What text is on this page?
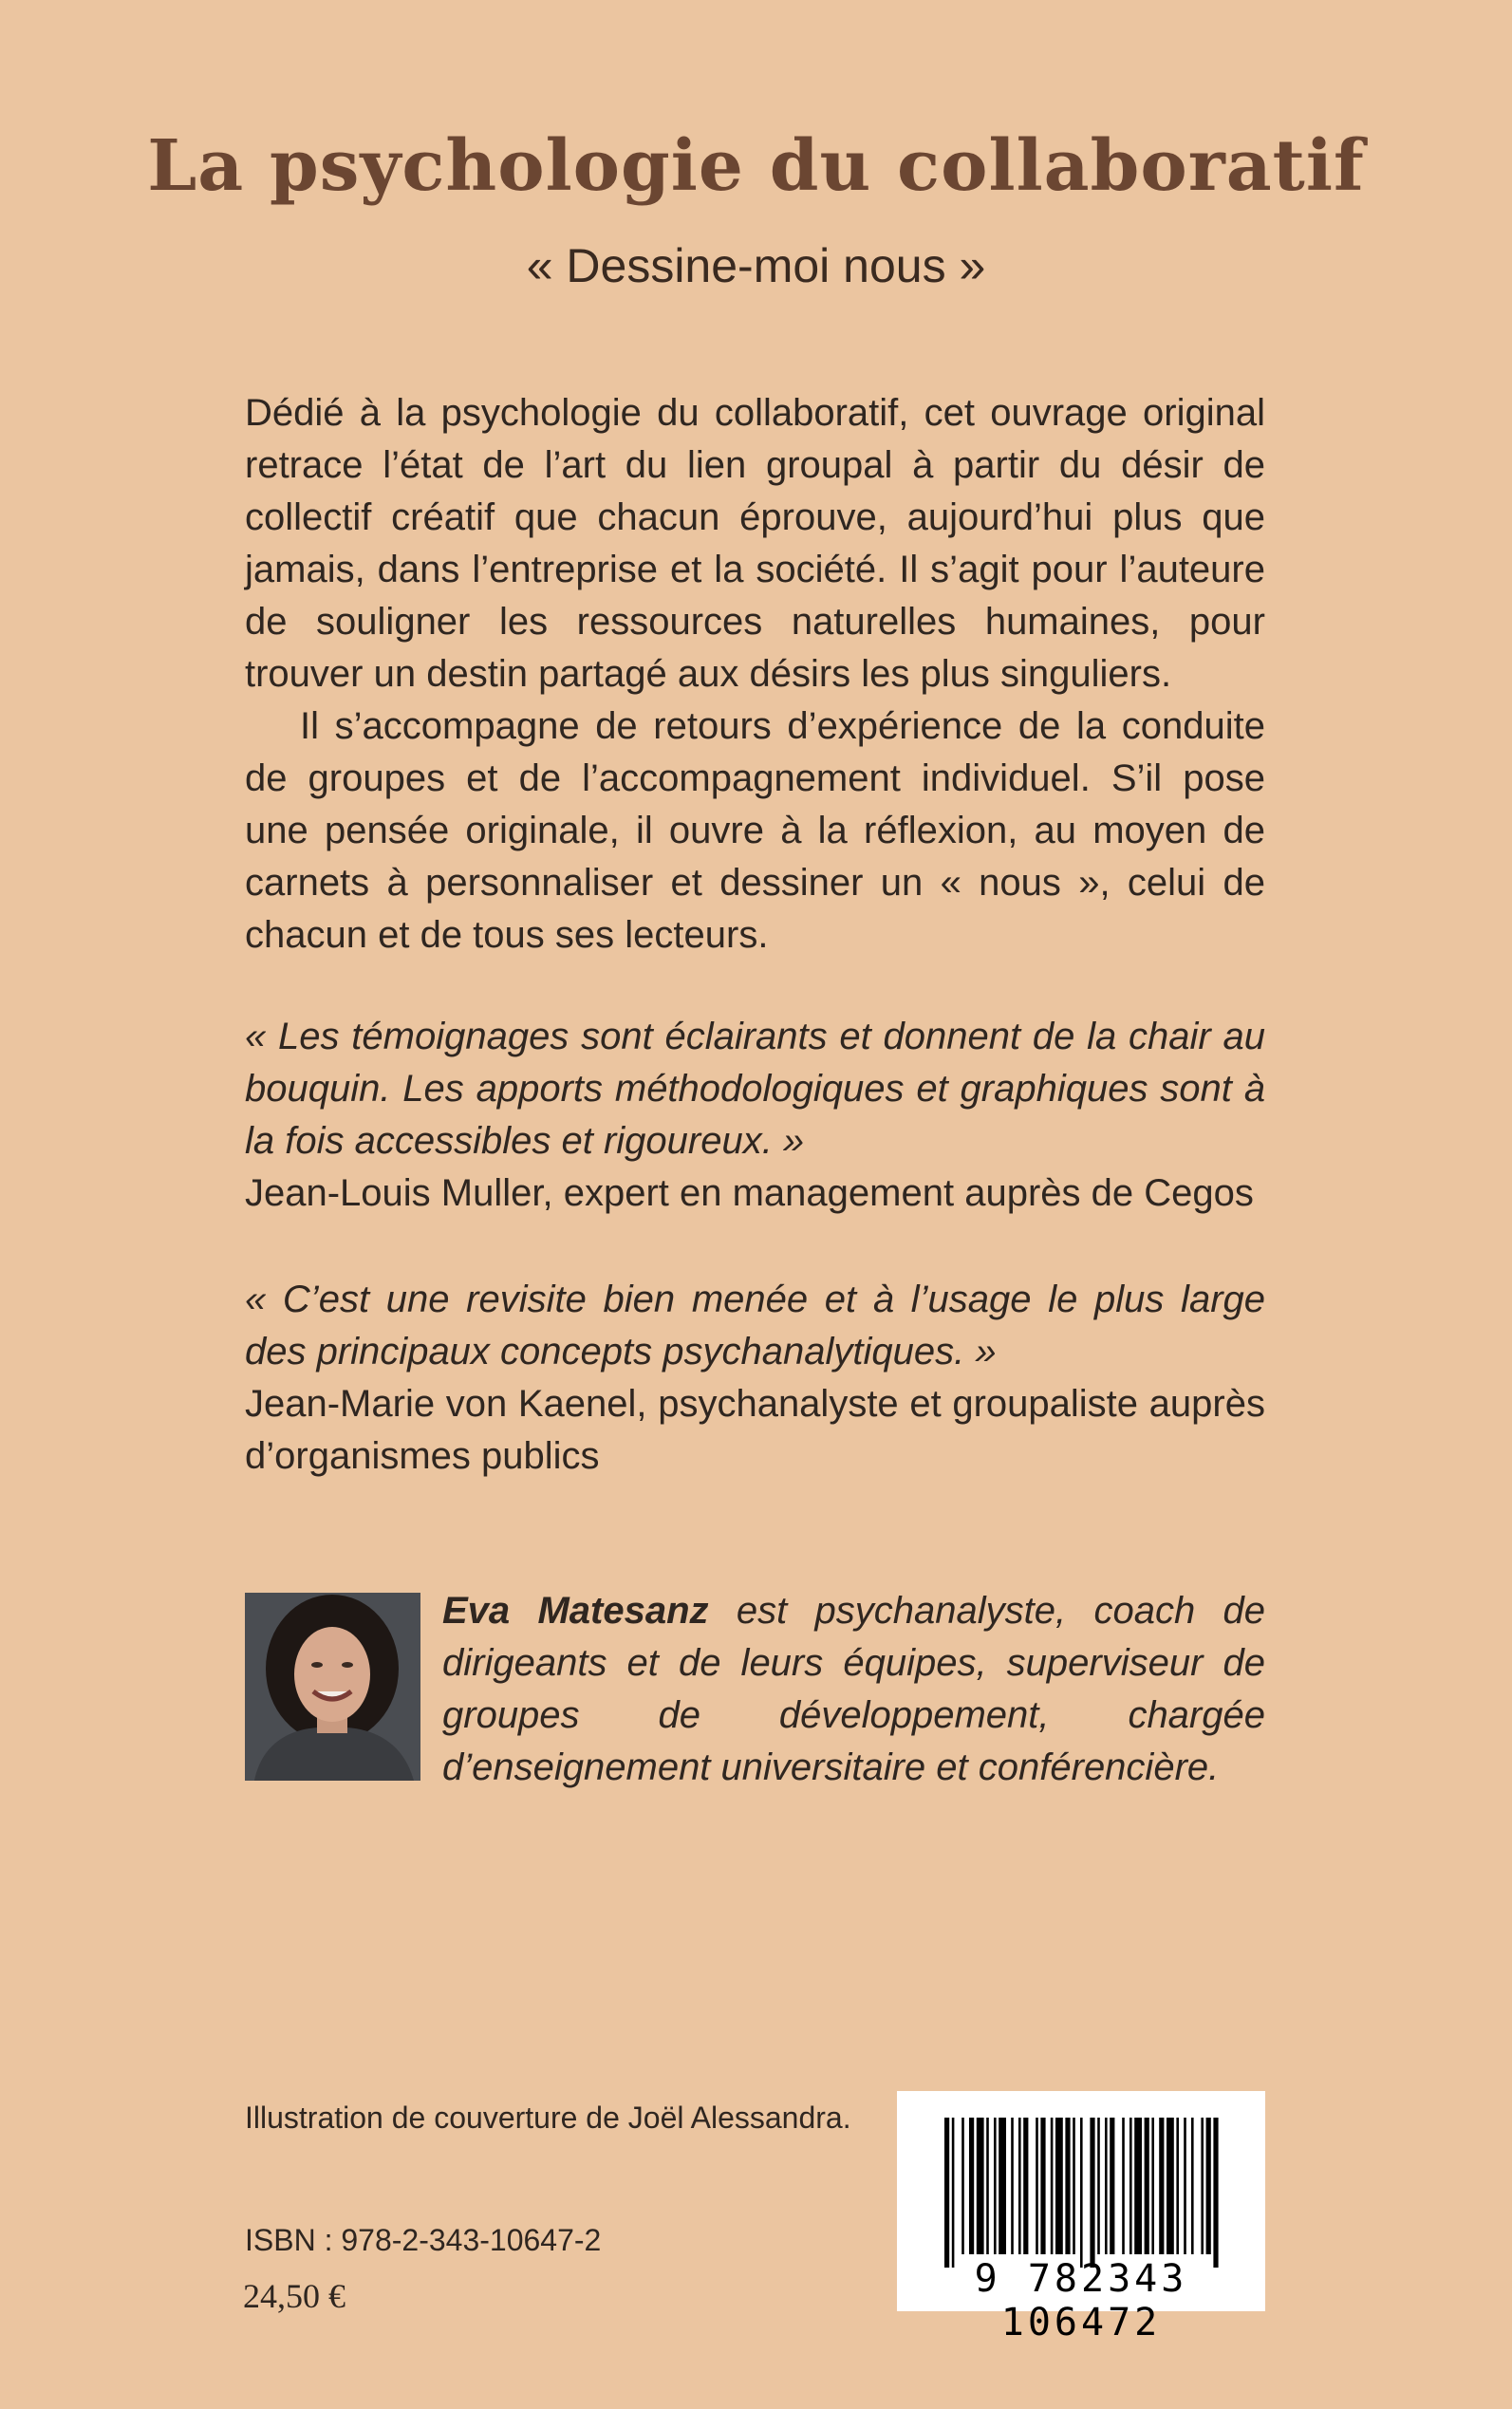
La psychologie du collaboratif
« Dessine-moi nous »

Dédié à la psychologie du collaboratif, cet ouvrage original retrace l’état de l’art du lien groupal à partir du désir de collectif créatif que chacun éprouve, aujourd’hui plus que jamais, dans l’entreprise et la société. Il s’agit pour l’auteure de souligner les ressources naturelles humaines, pour trouver un destin partagé aux désirs les plus singuliers.

Il s’accompagne de retours d’expérience de la conduite de groupes et de l’accompagnement individuel. S’il pose une pensée originale, il ouvre à la réflexion, au moyen de carnets à personnaliser et dessiner un « nous », celui de chacun et de tous ses lecteurs.

« Les témoignages sont éclairants et donnent de la chair au bouquin. Les apports méthodologiques et graphiques sont à la fois accessibles et rigoureux. »

Jean-Louis Muller, expert en management auprès de Cegos

« C’est une revisite bien menée et à l’usage le plus large des principaux concepts psychanalytiques. »

Jean-Marie von Kaenel, psychanalyste et groupaliste auprès d’organismes publics

Eva Matesanz est psychanalyste, coach de dirigeants et de leurs équipes, superviseur de groupes de développement, chargée d’enseignement universitaire et conférencière.

Illustration de couverture de Joël Alessandra.
ISBN : 978-2-343-10647-2
24,50 €	9 782343 106472
